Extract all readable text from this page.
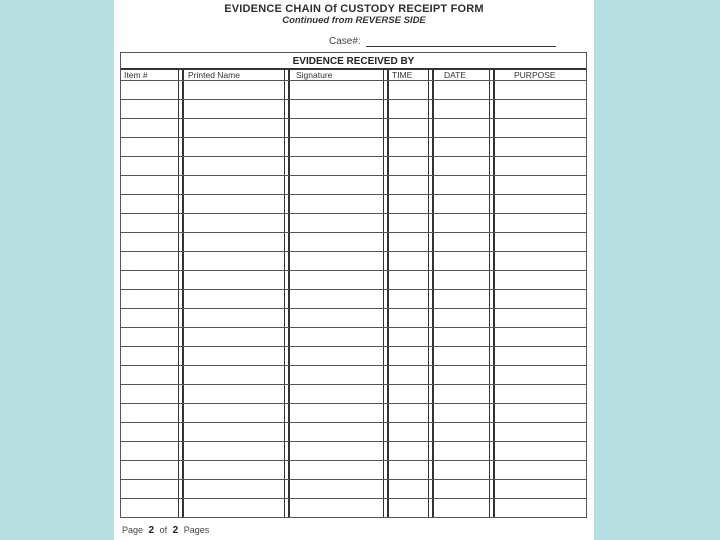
EVIDENCE CHAIN Of CUSTODY RECEIPT FORM
Continued from REVERSE SIDE
Case#:
EVIDENCE RECEIVED BY
Item #	Printed Name	Signature	TIME	DATE	PURPOSE
Page 2 of 2 Pages
